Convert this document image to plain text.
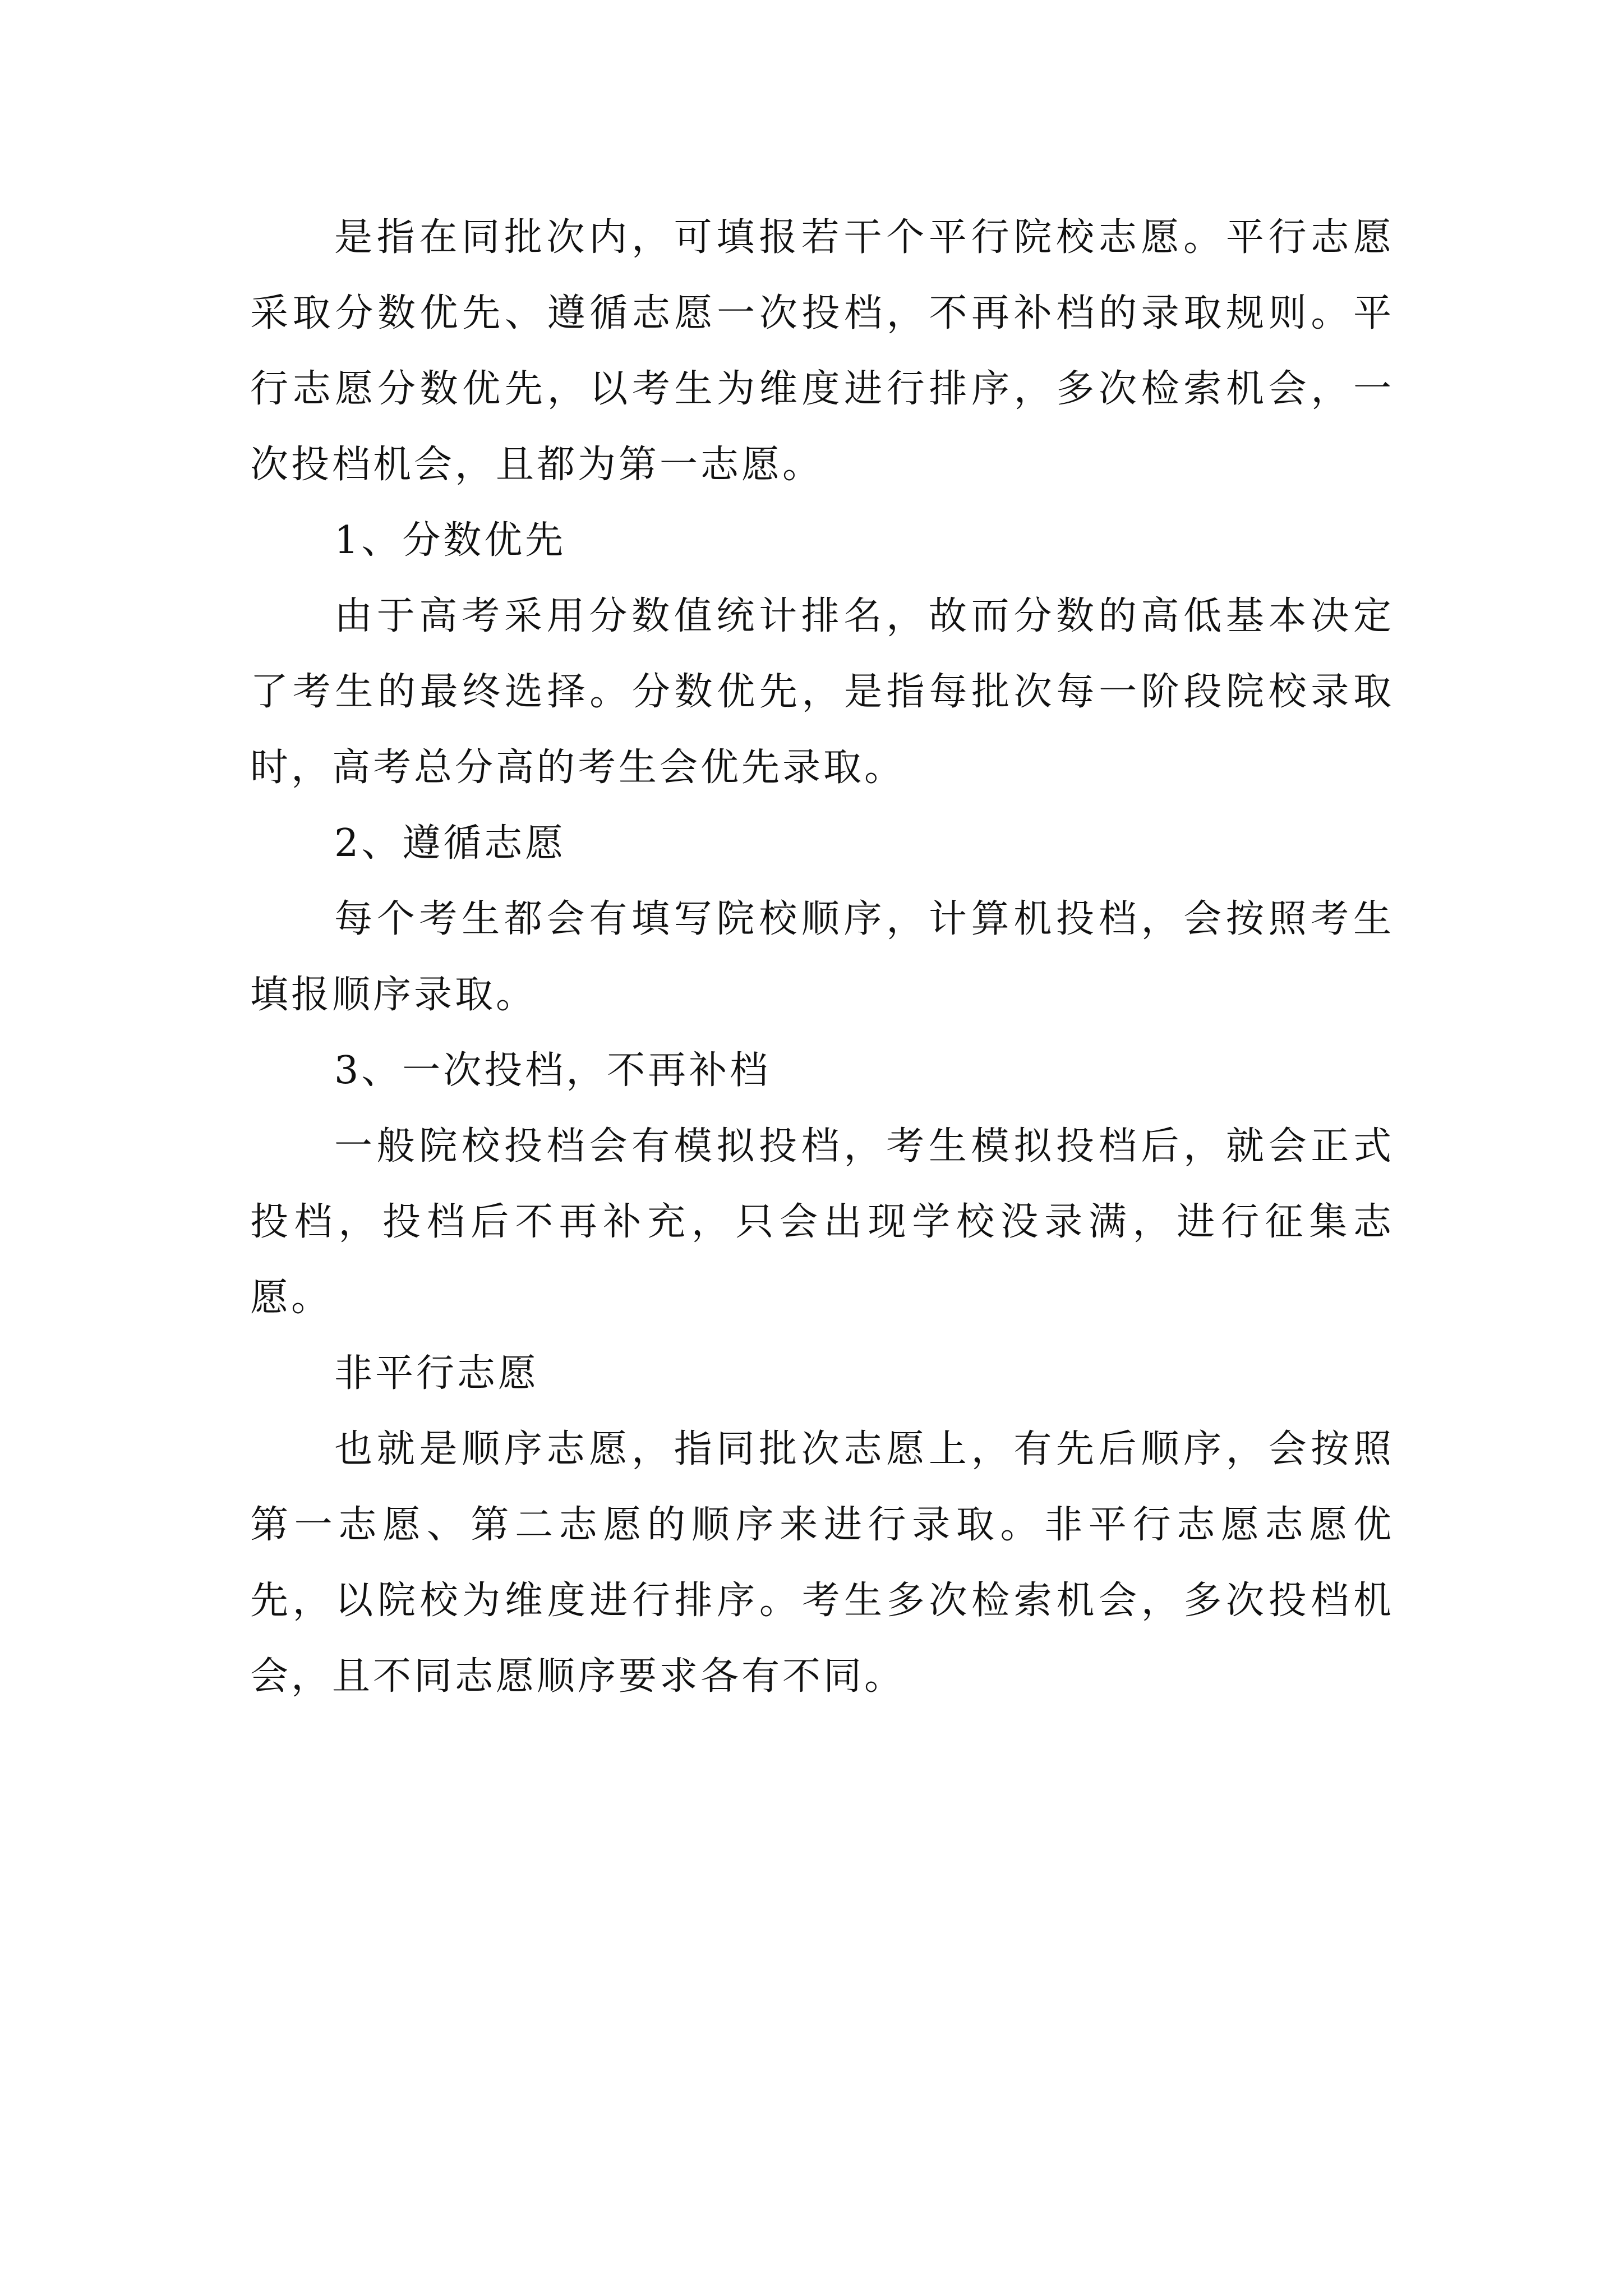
是指在同批次内，可填报若干个平行院校志愿。平行志愿采取分数优先、遵循志愿一次投档，不再补档的录取规则。平行志愿分数优先，以考生为维度进行排序，多次检索机会，一次投档机会，且都为第一志愿。

1、分数优先

由于高考采用分数值统计排名，故而分数的高低基本决定了考生的最终选择。分数优先，是指每批次每一阶段院校录取时，高考总分高的考生会优先录取。

2、遵循志愿

每个考生都会有填写院校顺序，计算机投档，会按照考生填报顺序录取。

3、一次投档，不再补档

一般院校投档会有模拟投档，考生模拟投档后，就会正式投档，投档后不再补充，只会出现学校没录满，进行征集志愿。

非平行志愿

也就是顺序志愿，指同批次志愿上，有先后顺序，会按照第一志愿、第二志愿的顺序来进行录取。非平行志愿志愿优先，以院校为维度进行排序。考生多次检索机会，多次投档机会，且不同志愿顺序要求各有不同。
